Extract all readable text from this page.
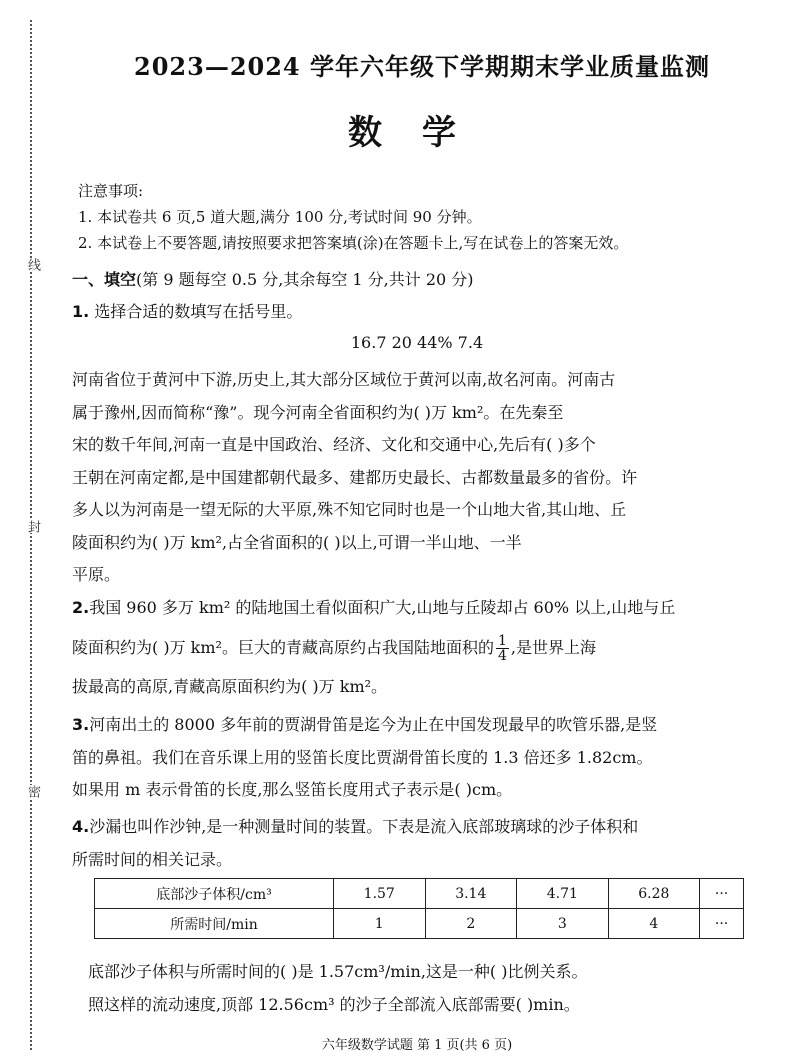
线
封
密
2023—2024 学年六年级下学期期末学业质量监测
数学
注意事项:
1. 本试卷共 6 页,5 道大题,满分 100 分,考试时间 90 分钟。
2. 本试卷上不要答题,请按照要求把答案填(涂)在答题卡上,写在试卷上的答案无效。
一、填空(第 9 题每空 0.5 分,其余每空 1 分,共计 20 分)
1. 选择合适的数填写在括号里。
16.7 20 44% 7.4
河南省位于黄河中下游,历史上,其大部分区域位于黄河以南,故名河南。河南古
属于豫州,因而简称“豫”。现今河南全省面积约为( )万 km²。在先秦至
宋的数千年间,河南一直是中国政治、经济、文化和交通中心,先后有( )多个
王朝在河南定都,是中国建都朝代最多、建都历史最长、古都数量最多的省份。许
多人以为河南是一望无际的大平原,殊不知它同时也是一个山地大省,其山地、丘
陵面积约为( )万 km²,占全省面积的( )以上,可谓一半山地、一半
平原。
2.我国 960 多万 km² 的陆地国土看似面积广大,山地与丘陵却占 60% 以上,山地与丘
陵面积约为( )万 km²。巨大的青藏高原约占我国陆地面积的 $\frac{1}{4}$ ,是世界上海
拔最高的高原,青藏高原面积约为( )万 km²。
3.河南出土的 8000 多年前的贾湖骨笛是迄今为止在中国发现最早的吹管乐器,是竖
笛的鼻祖。我们在音乐课上用的竖笛长度比贾湖骨笛长度的 1.3 倍还多 1.82cm。
如果用 m 表示骨笛的长度,那么竖笛长度用式子表示是( )cm。
4.沙漏也叫作沙钟,是一种测量时间的装置。下表是流入底部玻璃球的沙子体积和
所需时间的相关记录。
底部沙子体积/cm³	1.57	3.14	4.71	6.28	···
所需时间/min	1	2	3	4	···
底部沙子体积与所需时间的( )是 1.57cm³/min,这是一种( )比例关系。
照这样的流动速度,顶部 12.56cm³ 的沙子全部流入底部需要( )min。
六年级数学试题 第 1 页(共 6 页)
